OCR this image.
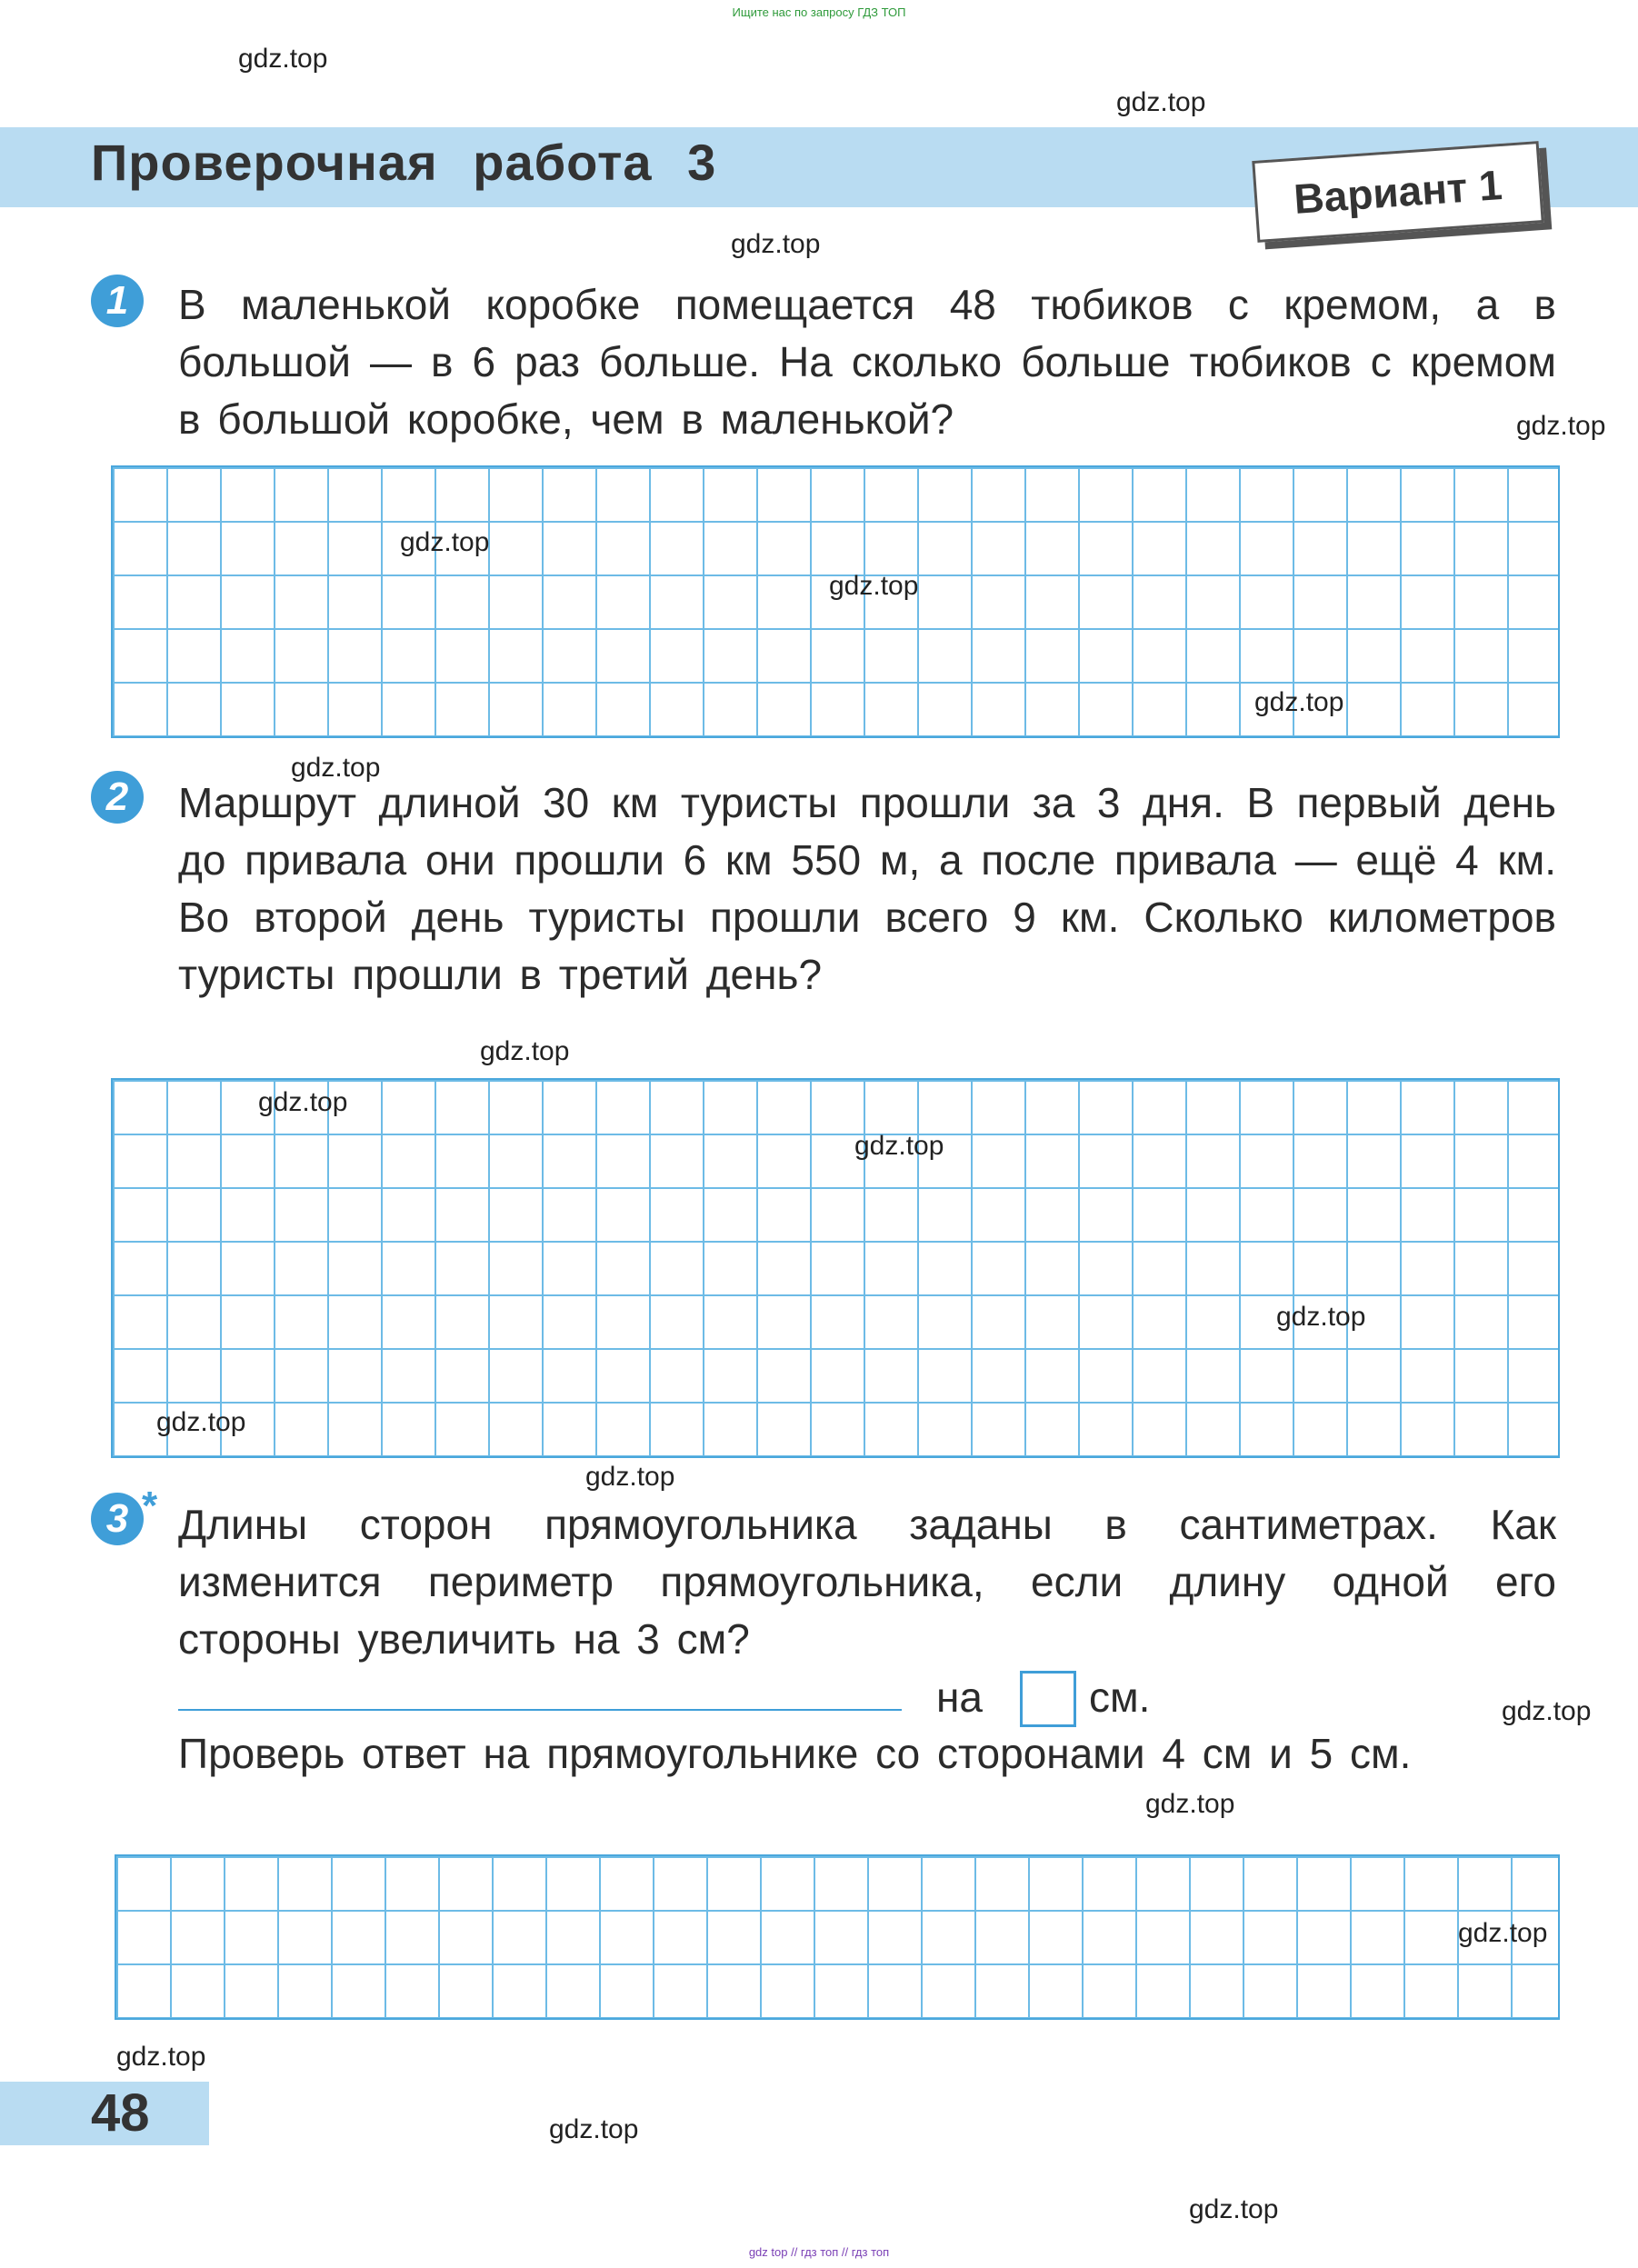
Ищите нас по запросу ГДЗ ТОП
Проверочная работа 3	Вариант 1
1	В маленькой коробке помещается 48 тюбиков с кремом, а в большой — в 6 раз больше. На сколько больше тюбиков с кремом в большой коробке, чем в маленькой?
2	Маршрут длиной 30 км туристы прошли за 3 дня. В первый день до привала они прошли 6 км 550 м, а после привала — ещё 4 км. Во второй день туристы прошли всего 9 км. Сколько километров туристы прошли в третий день?
3 * Длины сторон прямоугольника заданы в сантиметрах. Как изменится периметр прямоугольника, если длину одной его стороны увеличить на 3 см?
на	см.
Проверь ответ на прямоугольнике со сторонами 4 см и 5 см.
48
gdz.top
gdz.top
gdz.top
gdz.top
gdz.top
gdz.top
gdz.top
gdz.top
gdz.top
gdz.top
gdz.top
gdz.top
gdz.top
gdz.top
gdz.top
gdz.top
gdz.top
gdz.top
gdz.top
gdz.top
gdz top // гдз топ // гдз топ
